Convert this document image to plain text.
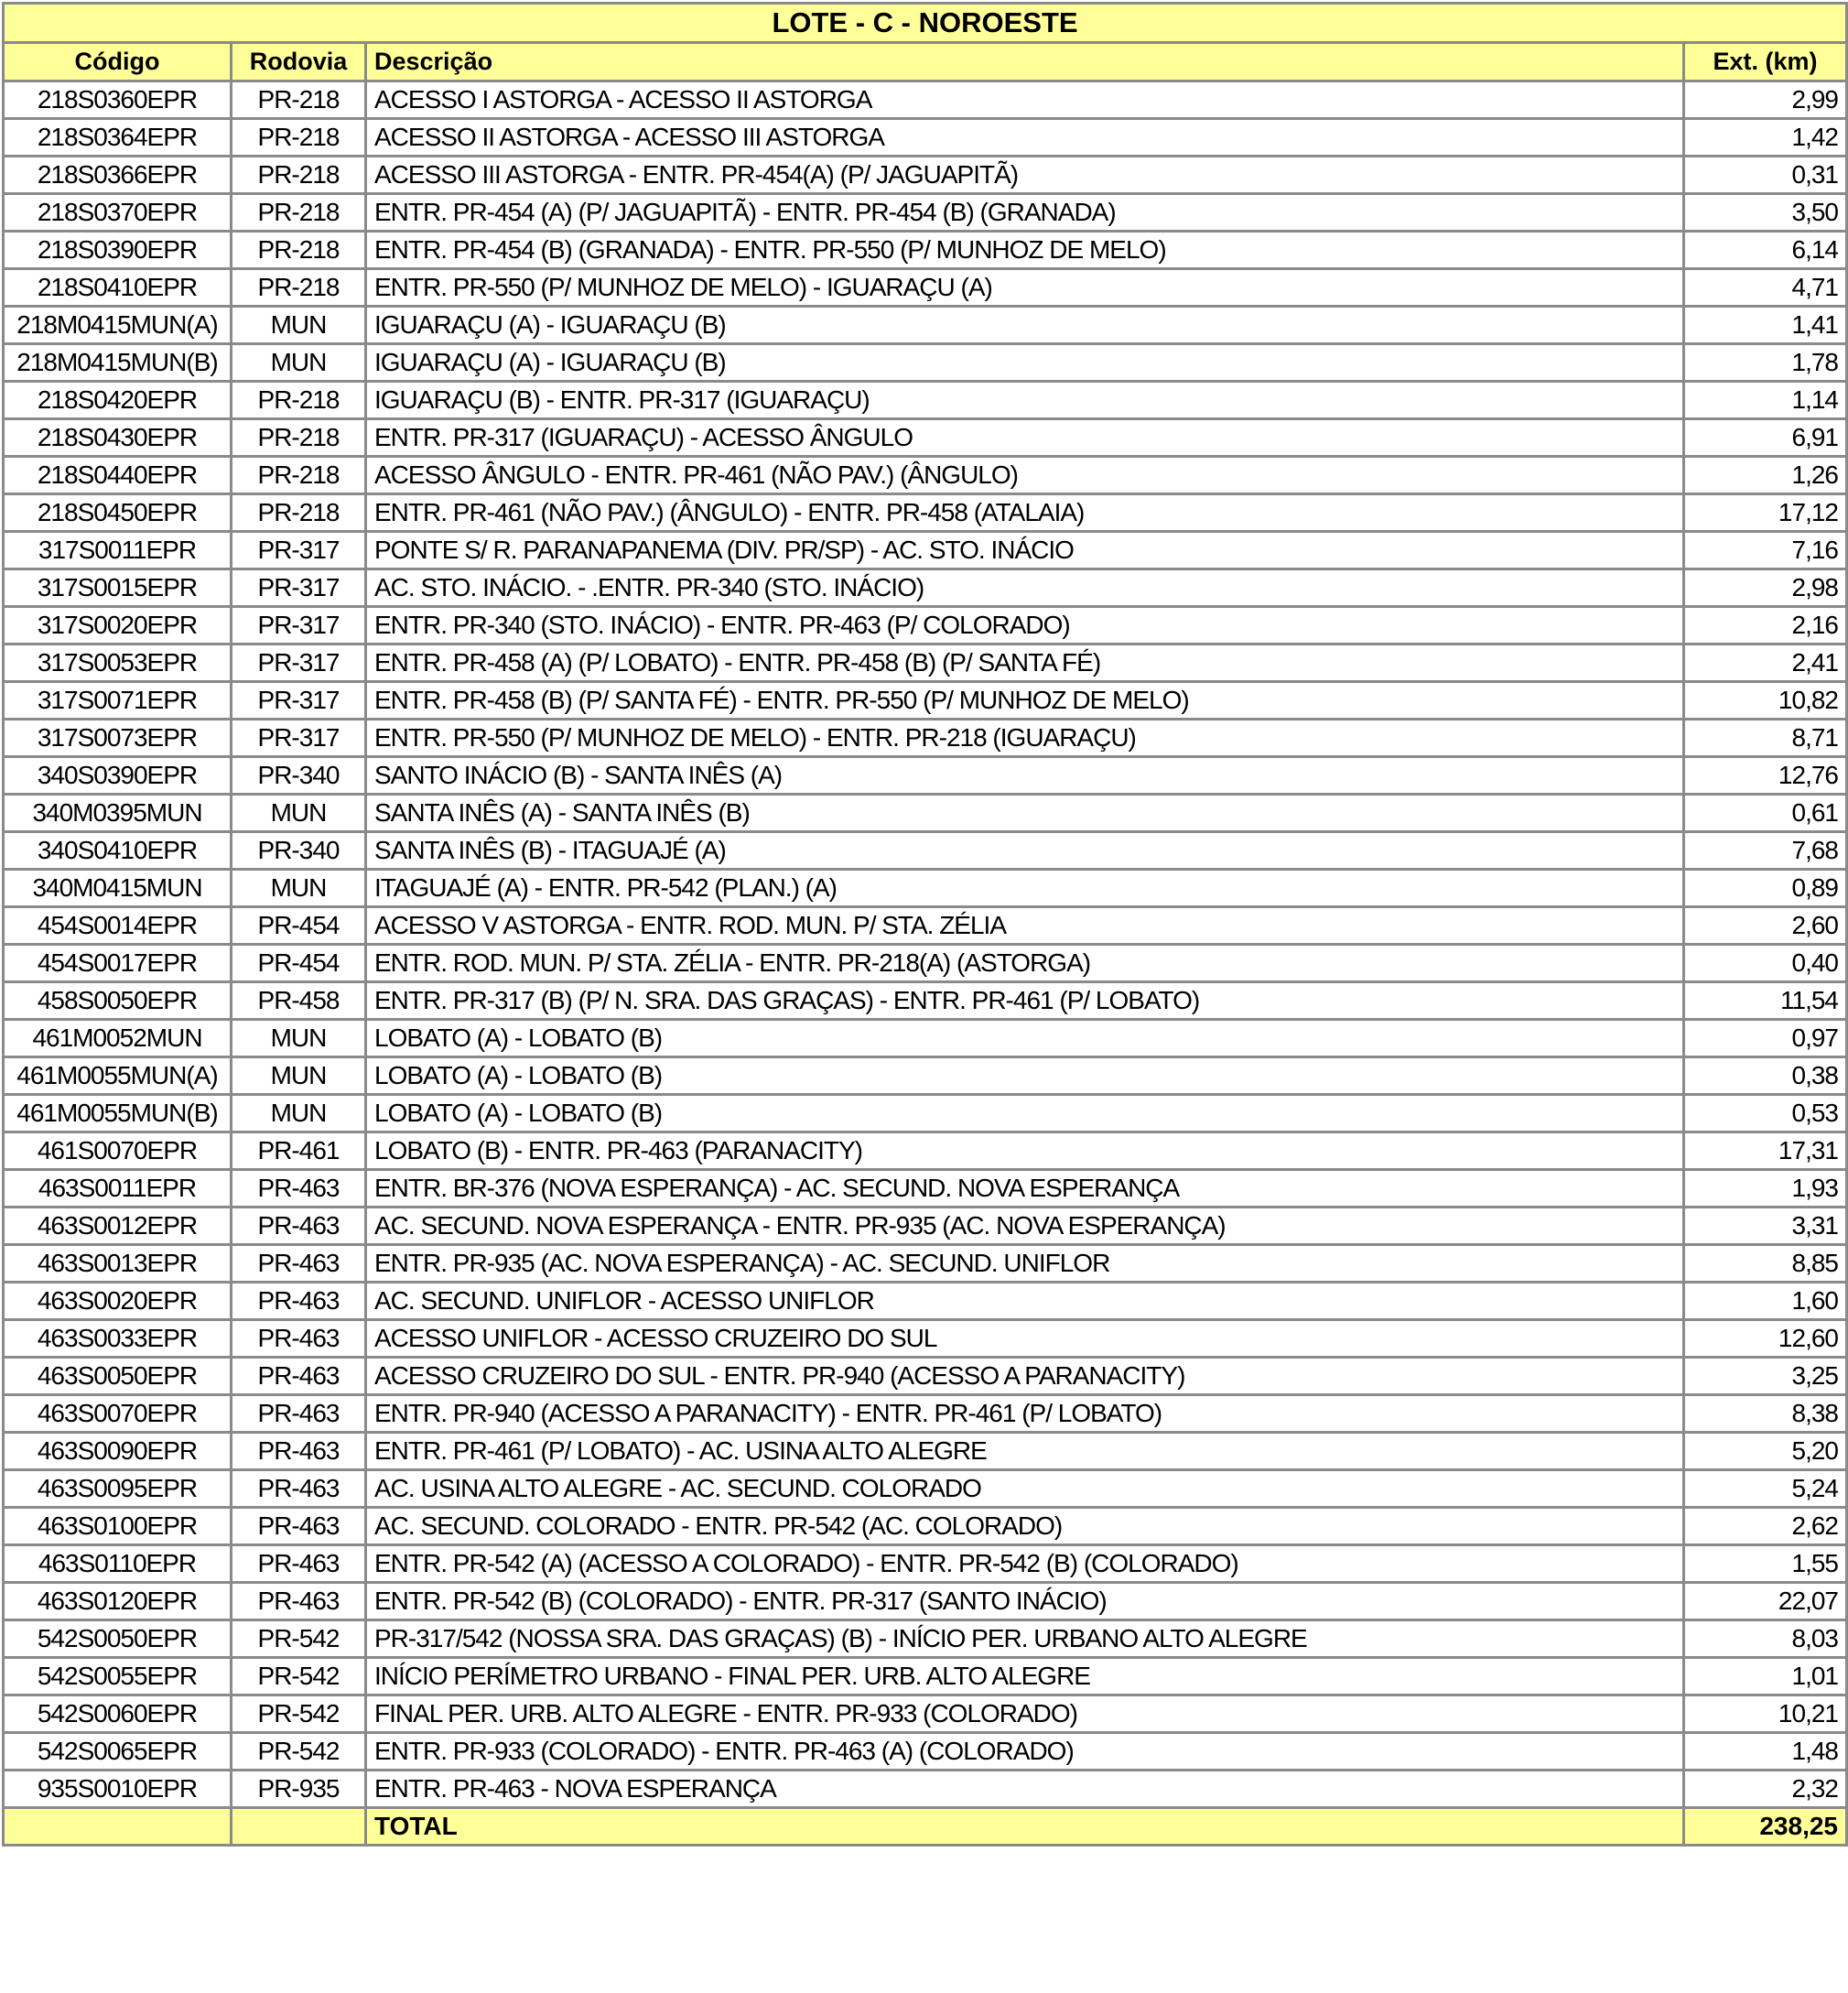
LOTE - C - NOROESTE			
Código	Rodovia	Descrição	Ext. (km)
218S0360EPR	PR-218	ACESSO I ASTORGA - ACESSO II ASTORGA	2,99
218S0364EPR	PR-218	ACESSO II ASTORGA - ACESSO III ASTORGA	1,42
218S0366EPR	PR-218	ACESSO III ASTORGA - ENTR. PR-454(A) (P/ JAGUAPITÃ)	0,31
218S0370EPR	PR-218	ENTR. PR-454 (A) (P/ JAGUAPITÃ) - ENTR. PR-454 (B) (GRANADA)	3,50
218S0390EPR	PR-218	ENTR. PR-454 (B) (GRANADA) - ENTR. PR-550 (P/ MUNHOZ DE MELO)	6,14
218S0410EPR	PR-218	ENTR. PR-550 (P/ MUNHOZ DE MELO) - IGUARAÇU (A)	4,71
218M0415MUN(A)	MUN	IGUARAÇU (A) - IGUARAÇU (B)	1,41
218M0415MUN(B)	MUN	IGUARAÇU (A) - IGUARAÇU (B)	1,78
218S0420EPR	PR-218	IGUARAÇU (B) - ENTR. PR-317 (IGUARAÇU)	1,14
218S0430EPR	PR-218	ENTR. PR-317 (IGUARAÇU) - ACESSO ÂNGULO	6,91
218S0440EPR	PR-218	ACESSO ÂNGULO - ENTR. PR-461 (NÃO PAV.) (ÂNGULO)	1,26
218S0450EPR	PR-218	ENTR. PR-461 (NÃO PAV.) (ÂNGULO) - ENTR. PR-458 (ATALAIA)	17,12
317S0011EPR	PR-317	PONTE S/ R. PARANAPANEMA (DIV. PR/SP) - AC. STO. INÁCIO	7,16
317S0015EPR	PR-317	AC. STO. INÁCIO. - .ENTR. PR-340 (STO. INÁCIO)	2,98
317S0020EPR	PR-317	ENTR. PR-340 (STO. INÁCIO) - ENTR. PR-463 (P/ COLORADO)	2,16
317S0053EPR	PR-317	ENTR. PR-458 (A) (P/ LOBATO) - ENTR. PR-458 (B) (P/ SANTA FÉ)	2,41
317S0071EPR	PR-317	ENTR. PR-458 (B) (P/ SANTA FÉ) - ENTR. PR-550 (P/ MUNHOZ DE MELO)	10,82
317S0073EPR	PR-317	ENTR. PR-550 (P/ MUNHOZ DE MELO) - ENTR. PR-218 (IGUARAÇU)	8,71
340S0390EPR	PR-340	SANTO INÁCIO (B) - SANTA INÊS (A)	12,76
340M0395MUN	MUN	SANTA INÊS (A) - SANTA INÊS (B)	0,61
340S0410EPR	PR-340	SANTA INÊS (B) - ITAGUAJÉ (A)	7,68
340M0415MUN	MUN	ITAGUAJÉ (A) - ENTR. PR-542 (PLAN.) (A)	0,89
454S0014EPR	PR-454	ACESSO V ASTORGA - ENTR. ROD. MUN. P/ STA. ZÉLIA	2,60
454S0017EPR	PR-454	ENTR. ROD. MUN. P/ STA. ZÉLIA - ENTR. PR-218(A) (ASTORGA)	0,40
458S0050EPR	PR-458	ENTR. PR-317 (B) (P/ N. SRA. DAS GRAÇAS) - ENTR. PR-461 (P/ LOBATO)	11,54
461M0052MUN	MUN	LOBATO (A) - LOBATO (B)	0,97
461M0055MUN(A)	MUN	LOBATO (A) - LOBATO (B)	0,38
461M0055MUN(B)	MUN	LOBATO (A) - LOBATO (B)	0,53
461S0070EPR	PR-461	LOBATO (B) - ENTR. PR-463 (PARANACITY)	17,31
463S0011EPR	PR-463	ENTR. BR-376 (NOVA ESPERANÇA) - AC. SECUND. NOVA ESPERANÇA	1,93
463S0012EPR	PR-463	AC. SECUND. NOVA ESPERANÇA - ENTR. PR-935 (AC. NOVA ESPERANÇA)	3,31
463S0013EPR	PR-463	ENTR. PR-935 (AC. NOVA ESPERANÇA) - AC. SECUND. UNIFLOR	8,85
463S0020EPR	PR-463	AC. SECUND. UNIFLOR - ACESSO UNIFLOR	1,60
463S0033EPR	PR-463	ACESSO UNIFLOR - ACESSO CRUZEIRO DO SUL	12,60
463S0050EPR	PR-463	ACESSO CRUZEIRO DO SUL - ENTR. PR-940 (ACESSO A PARANACITY)	3,25
463S0070EPR	PR-463	ENTR. PR-940 (ACESSO A PARANACITY) - ENTR. PR-461 (P/ LOBATO)	8,38
463S0090EPR	PR-463	ENTR. PR-461 (P/ LOBATO) - AC. USINA ALTO ALEGRE	5,20
463S0095EPR	PR-463	AC. USINA ALTO ALEGRE - AC. SECUND. COLORADO	5,24
463S0100EPR	PR-463	AC. SECUND. COLORADO - ENTR. PR-542 (AC. COLORADO)	2,62
463S0110EPR	PR-463	ENTR. PR-542 (A) (ACESSO A COLORADO) - ENTR. PR-542 (B) (COLORADO)	1,55
463S0120EPR	PR-463	ENTR. PR-542 (B) (COLORADO) - ENTR. PR-317 (SANTO INÁCIO)	22,07
542S0050EPR	PR-542	PR-317/542 (NOSSA SRA. DAS GRAÇAS) (B) - INÍCIO PER. URBANO ALTO ALEGRE	8,03
542S0055EPR	PR-542	INÍCIO PERÍMETRO URBANO - FINAL PER. URB. ALTO ALEGRE	1,01
542S0060EPR	PR-542	FINAL PER. URB. ALTO ALEGRE - ENTR. PR-933 (COLORADO)	10,21
542S0065EPR	PR-542	ENTR. PR-933 (COLORADO) - ENTR. PR-463 (A) (COLORADO)	1,48
935S0010EPR	PR-935	ENTR. PR-463 - NOVA ESPERANÇA	2,32
		TOTAL	238,25
